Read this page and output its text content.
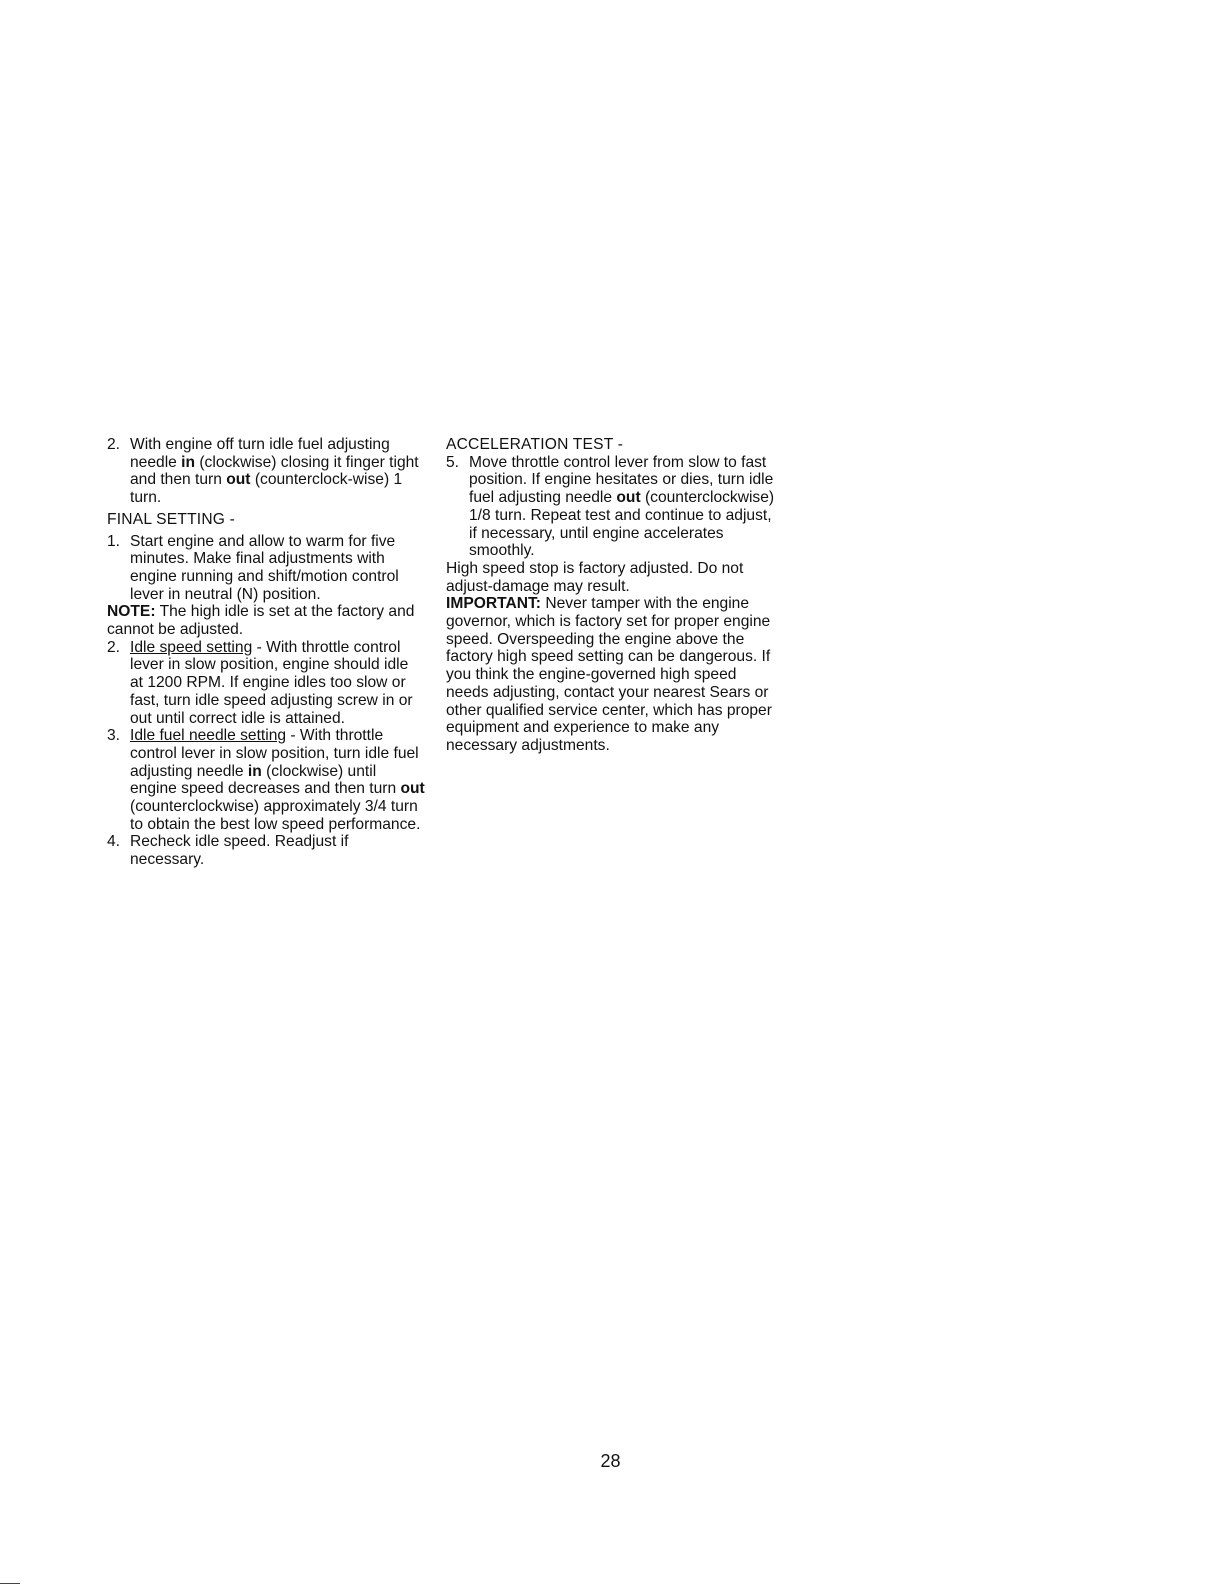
2. With engine off turn idle fuel adjusting needle in (clockwise) closing it finger tight and then turn out (counterclock-wise) 1 turn.

FINAL SETTING -

1. Start engine and allow to warm for five minutes. Make final adjustments with engine running and shift/motion control lever in neutral (N) position.

NOTE: The high idle is set at the factory and cannot be adjusted.

2. Idle speed setting - With throttle control lever in slow position, engine should idle at 1200 RPM. If engine idles too slow or fast, turn idle speed adjusting screw in or out until correct idle is attained.

3. Idle fuel needle setting - With throttle control lever in slow position, turn idle fuel adjusting needle in (clockwise) until engine speed decreases and then turn out (counterclockwise) approximately 3/4 turn to obtain the best low speed performance.

4. Recheck idle speed. Readjust if necessary.

ACCELERATION TEST -

5. Move throttle control lever from slow to fast position. If engine hesitates or dies, turn idle fuel adjusting needle out (counterclockwise) 1/8 turn. Repeat test and continue to adjust, if necessary, until engine accelerates smoothly.

High speed stop is factory adjusted. Do not adjust-damage may result.

IMPORTANT: Never tamper with the engine governor, which is factory set for proper engine speed. Overspeeding the engine above the factory high speed setting can be dangerous. If you think the engine-governed high speed needs adjusting, contact your nearest Sears or other qualified service center, which has proper equipment and experience to make any necessary adjustments.

28
